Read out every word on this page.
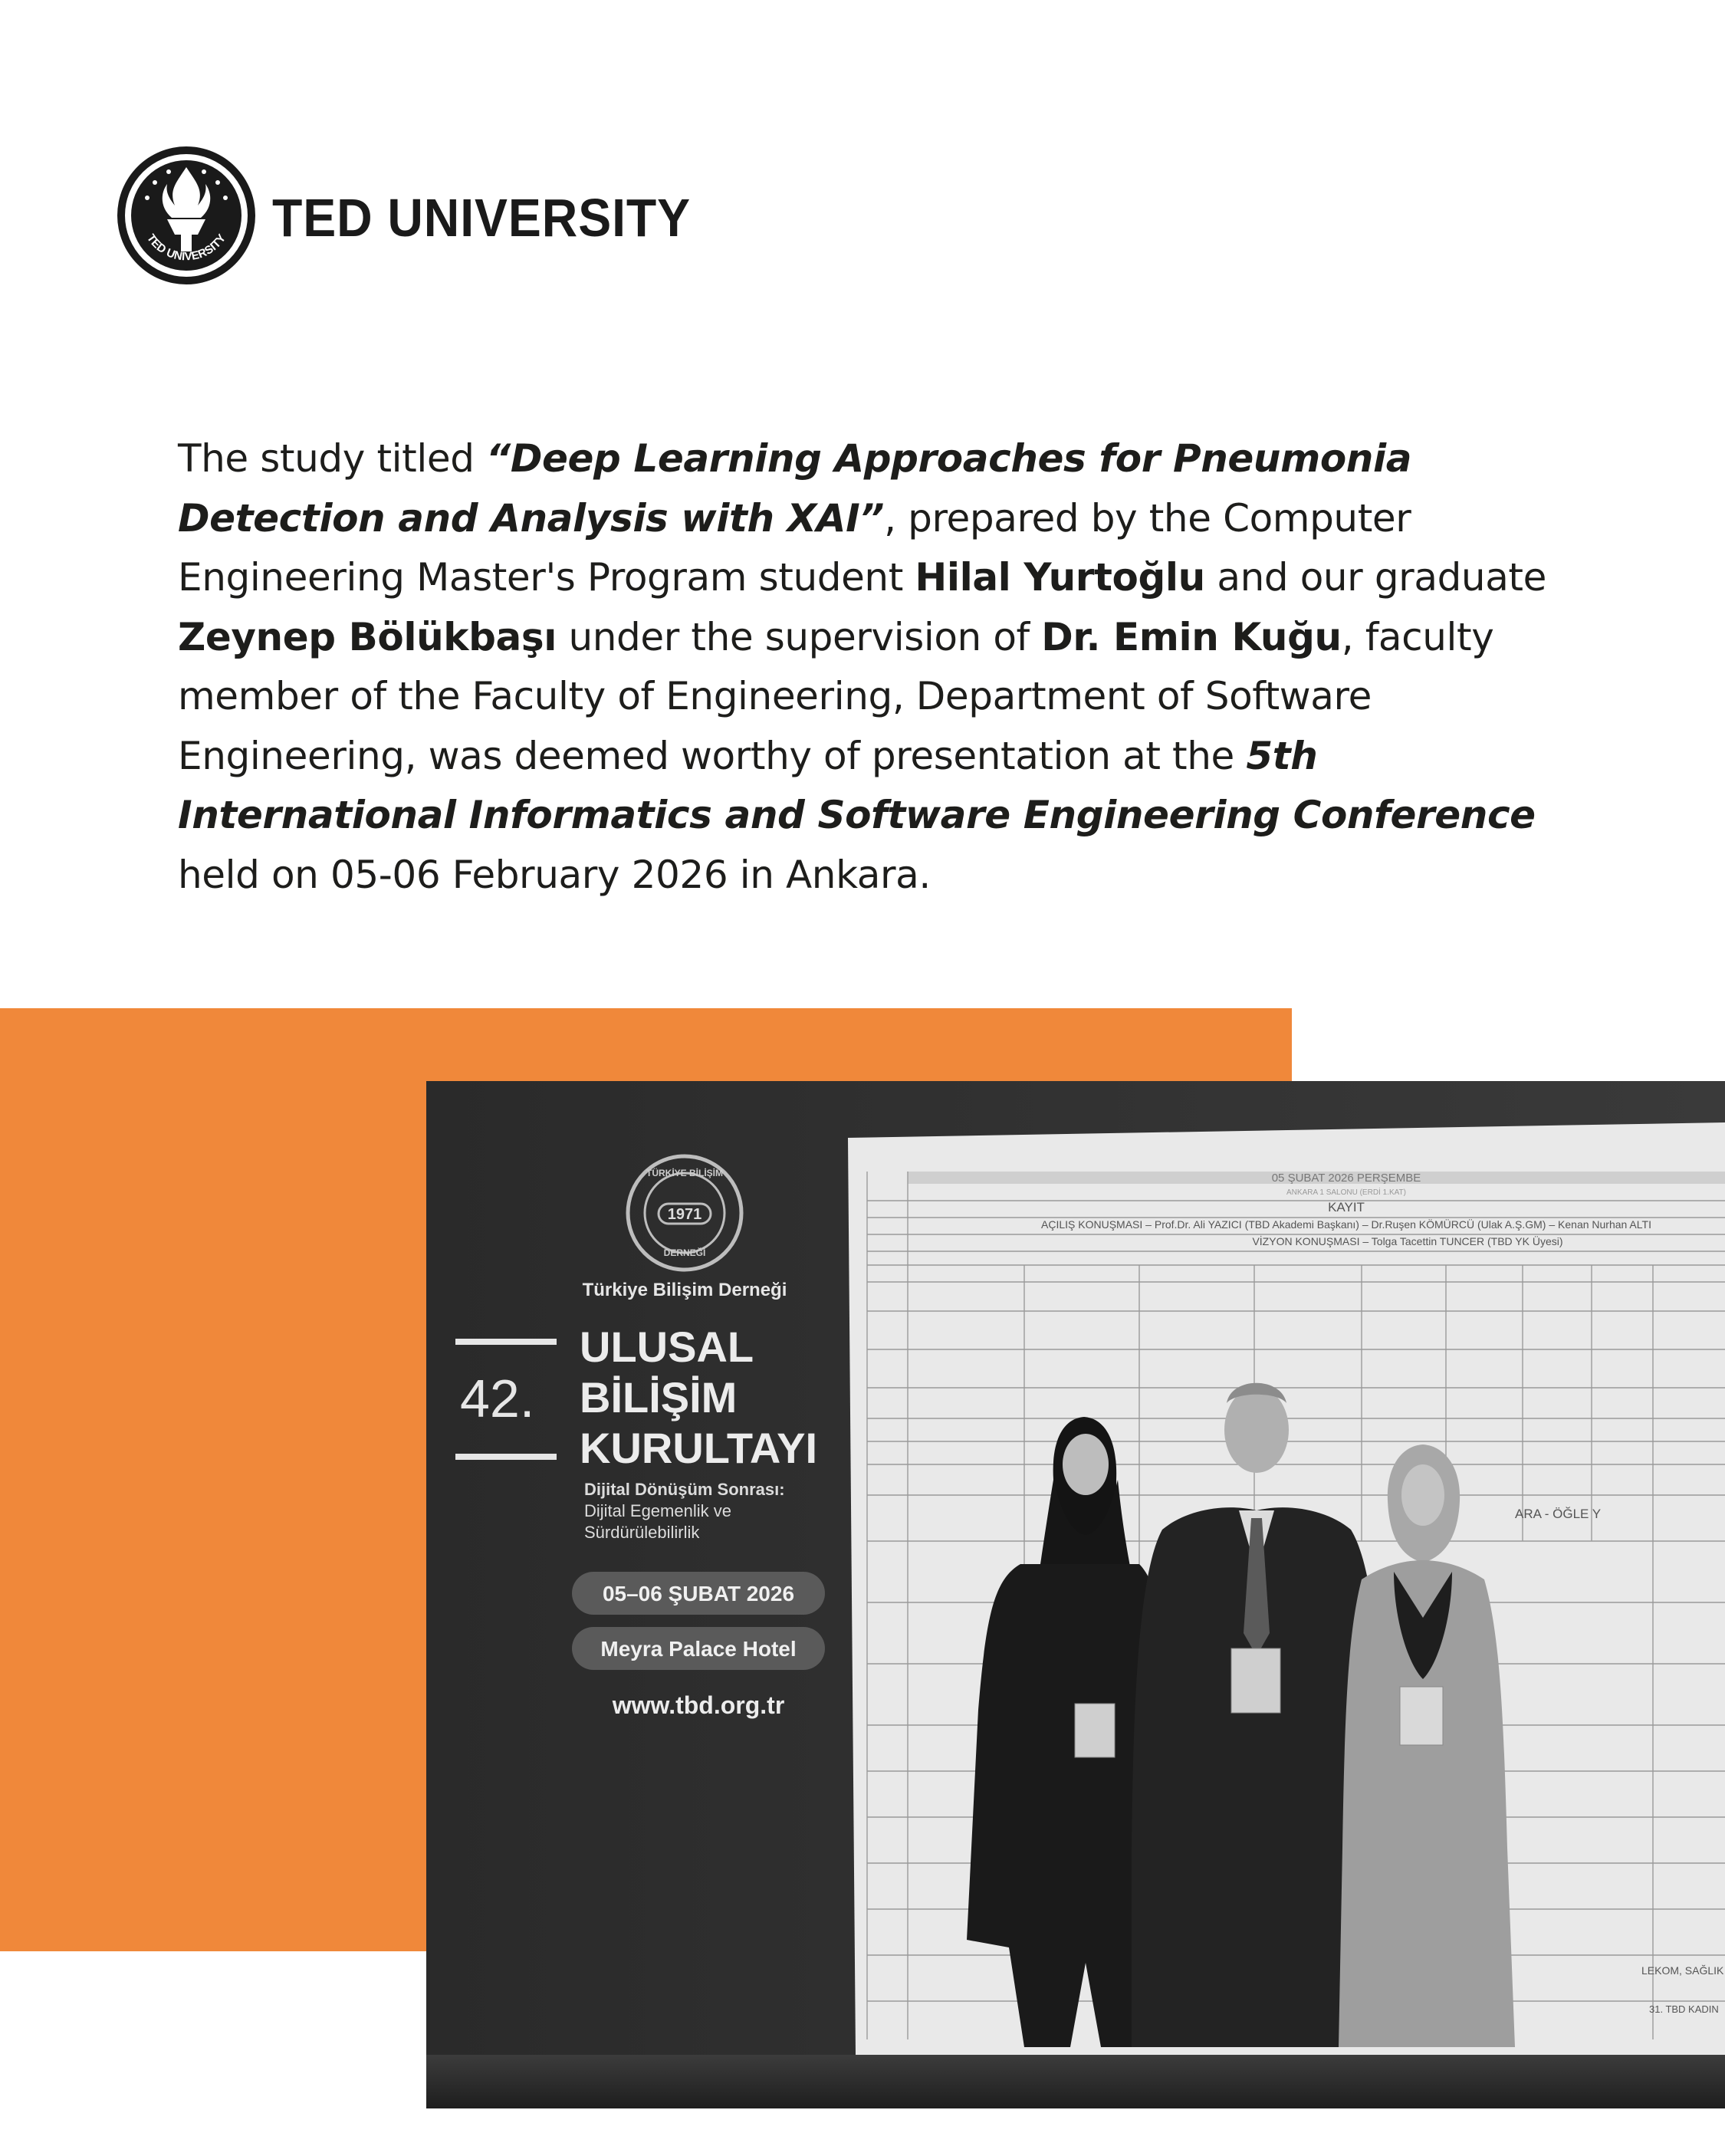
TED UNIVERSITY TED UNIVERSITY
The study titled “Deep Learning Approaches for Pneumonia Detection and Analysis with XAI”, prepared by the Computer Engineering Master's Program student Hilal Yurtoğlu and our graduate Zeynep Bölükbaşı under the supervision of Dr. Emin Kuğu, faculty member of the Faculty of Engineering, Department of Software Engineering, was deemed worthy of presentation at the 5th International Informatics and Software Engineering Conference held on 05-06 February 2026 in Ankara.
05 ŞUBAT 2026 PERŞEMBE
ANKARA 1 SALONU (ERDİ 1.KAT)
KAYIT
AÇILIŞ KONUŞMASI – Prof.Dr. Ali YAZICI (TBD Akademi Başkanı) – Dr.Ruşen KÖMÜRCÜ (Ulak A.Ş.GM) – Kenan Nurhan ALTI
VİZYON KONUŞMASI – Tolga Tacettin TUNCER (TBD YK Üyesi)
ARA - ÖĞLE Y
LEKOM, SAĞLIK
31. TBD KADIN
1971
TÜRKİYE BİLİŞİM
DERNEĞİ
Türkiye Bilişim Derneği
42.
ULUSAL
BİLİŞİM
KURULTAYI
Dijital Dönüşüm Sonrası:
Dijital Egemenlik ve
Sürdürülebilirlik
05–06 ŞUBAT 2026
Meyra Palace Hotel
www.tbd.org.tr
